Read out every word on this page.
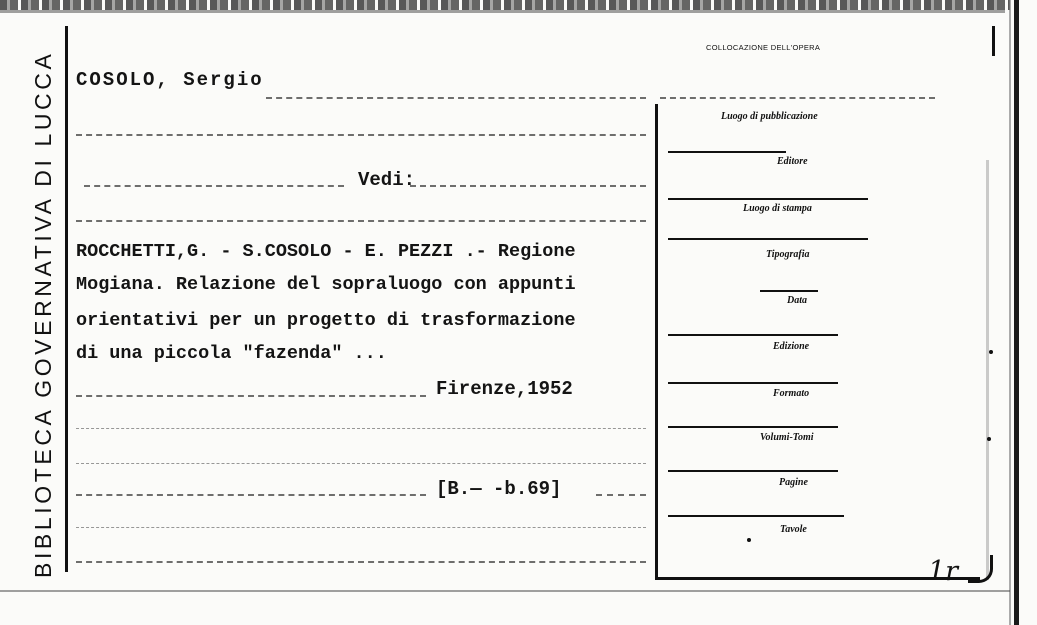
BIBLIOTECA GOVERNATIVA DI LUCCA COSOLO, Sergio
Vedi:
ROCCHETTI,G. - S.COSOLO - E. PEZZI .- Regione
Mogiana. Relazione del sopraluogo con appunti
orientativi per un progetto di trasformazione
di una piccola "fazenda" ...
Firenze,1952
[B.— -b.69]
COLLOCAZIONE DELL'OPERA
Luogo di pubblicazione
Editore
Luogo di stampa
Tipografia
Data
Edizione
Formato
Volumi-Tomi
Pagine
Tavole
1r
